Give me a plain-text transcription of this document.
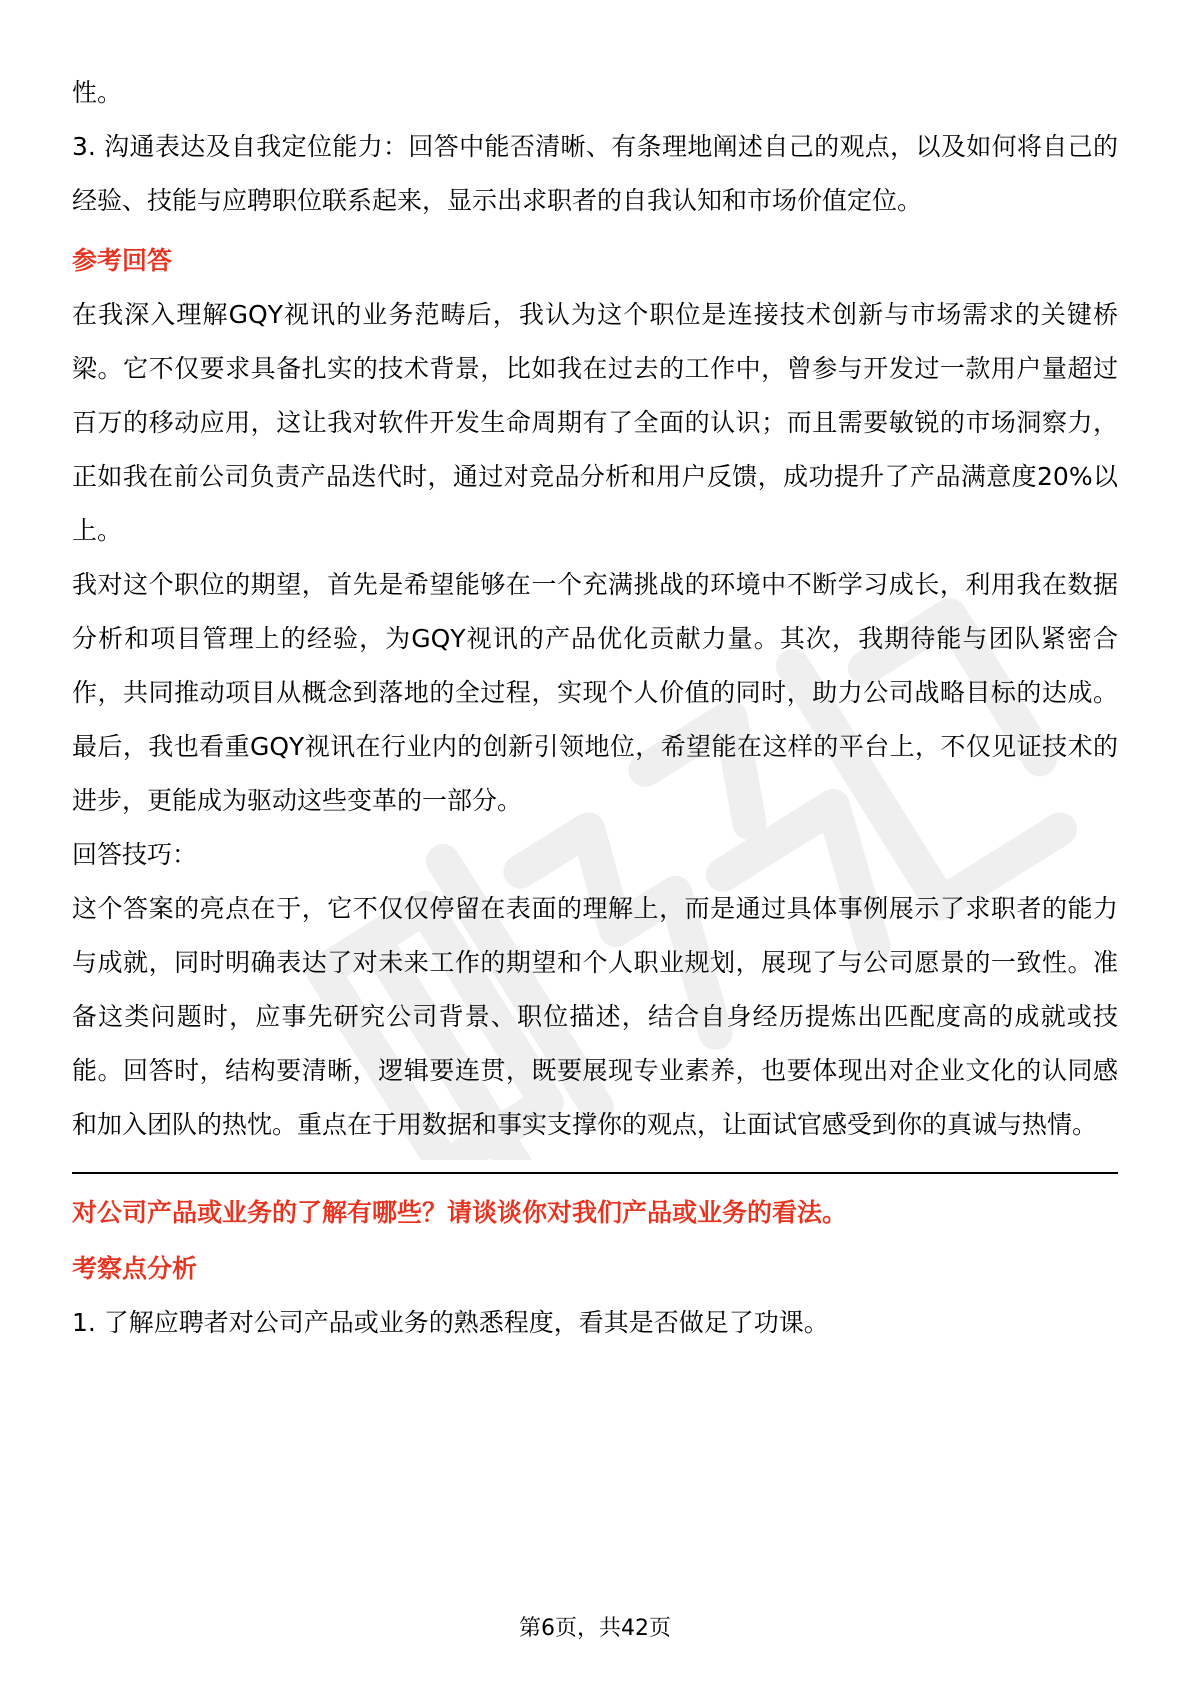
性。

3. 沟通表达及自我定位能力：回答中能否清晰、有条理地阐述自己的观点，以及如何将自己的经验、技能与应聘职位联系起来，显示出求职者的自我认知和市场价值定位。

参考回答

在我深入理解GQY视讯的业务范畴后，我认为这个职位是连接技术创新与市场需求的关键桥梁。它不仅要求具备扎实的技术背景，比如我在过去的工作中，曾参与开发过一款用户量超过百万的移动应用，这让我对软件开发生命周期有了全面的认识；而且需要敏锐的市场洞察力，正如我在前公司负责产品迭代时，通过对竞品分析和用户反馈，成功提升了产品满意度20%以上。

我对这个职位的期望，首先是希望能够在一个充满挑战的环境中不断学习成长，利用我在数据分析和项目管理上的经验，为GQY视讯的产品优化贡献力量。其次，我期待能与团队紧密合作，共同推动项目从概念到落地的全过程，实现个人价值的同时，助力公司战略目标的达成。最后，我也看重GQY视讯在行业内的创新引领地位，希望能在这样的平台上，不仅见证技术的进步，更能成为驱动这些变革的一部分。

回答技巧：

这个答案的亮点在于，它不仅仅停留在表面的理解上，而是通过具体事例展示了求职者的能力与成就，同时明确表达了对未来工作的期望和个人职业规划，展现了与公司愿景的一致性。准备这类问题时，应事先研究公司背景、职位描述，结合自身经历提炼出匹配度高的成就或技能。回答时，结构要清晰，逻辑要连贯，既要展现专业素养，也要体现出对企业文化的认同感和加入团队的热忱。重点在于用数据和事实支撑你的观点，让面试官感受到你的真诚与热情。

对公司产品或业务的了解有哪些？请谈谈你对我们产品或业务的看法。

考察点分析

1. 了解应聘者对公司产品或业务的熟悉程度，看其是否做足了功课。

第6页，共42页
